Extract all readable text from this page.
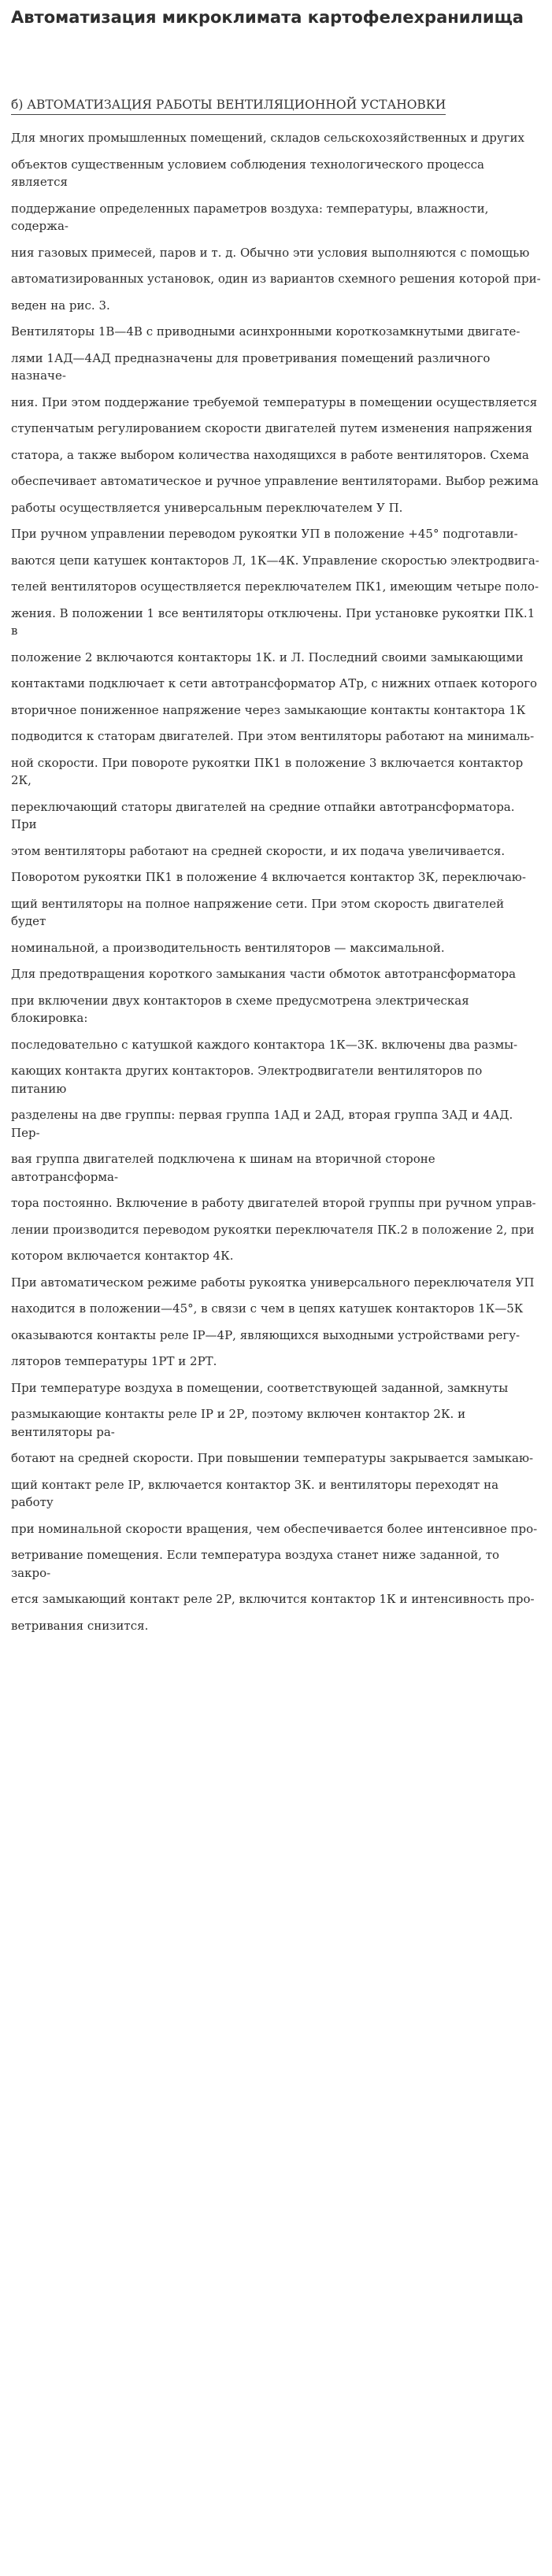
Автоматизация микроклимата картофелехранилища
б) АВТОМАТИЗАЦИЯ РАБОТЫ ВЕНТИЛЯЦИОННОЙ УСТАНОВКИ

Для многих промышленных помещений, складов сельскохозяйственных и других

объектов существенным условием соблюдения технологического процесса является

поддержание определенных параметров воздуха: температуры, влажности, содержа-

ния газовых примесей, паров и т. д. Обычно эти условия выполняются с помощью

автоматизированных установок, один из вариантов схемного решения которой при-

веден на рис. 3.

Вентиляторы 1В—4В с приводными асинхронными короткозамкнутыми двигате-

лями 1АД—4АД предназначены для проветривания помещений различного назначе-

ния. При этом поддержание требуемой температуры в помещении осуществляется

ступенчатым регулированием скорости двигателей путем изменения напряжения

статора, а также выбором количества находящихся в работе вентиляторов. Схема

обеспечивает автоматическое и ручное управление вентиляторами. Выбор режима

работы осуществляется универсальным переключателем У П.

При ручном управлении переводом рукоятки УП в положение +45° подготавли-

ваются цепи катушек контакторов Л, 1К—4К. Управление скоростью электродвига-

телей вентиляторов осуществляется переключателем ПК1, имеющим четыре поло-

жения. В положении 1 все вентиляторы отключены. При установке рукоятки ПК.1 в

положение 2 включаются контакторы 1К. и Л. Последний своими замыкающими

контактами подключает к сети автотрансформатор АТр, с нижних отпаек которого

вторичное пониженное напряжение через замыкающие контакты контактора 1К

подводится к статорам двигателей. При этом вентиляторы работают на минималь-

ной скорости. При повороте рукоятки ПК1 в положение 3 включается контактор 2К,

переключающий статоры двигателей на средние отпайки автотрансформатора. При

этом вентиляторы работают на средней скорости, и их подача увеличивается.

Поворотом рукоятки ПК1 в положение 4 включается контактор 3К, переключаю-

щий вентиляторы на полное напряжение сети. При этом скорость двигателей будет

номинальной, а производительность вентиляторов — максимальной.

Для предотвращения короткого замыкания части обмоток автотрансформатора

при включении двух контакторов в схеме предусмотрена электрическая блокировка:

последовательно с катушкой каждого контактора 1К—3К. включены два размы-

кающих контакта других контакторов. Электродвигатели вентиляторов по питанию

разделены на две группы: первая группа 1АД и 2АД, вторая группа ЗАД и 4АД. Пер-

вая группа двигателей подключена к шинам на вторичной стороне автотрансформа-

тора постоянно. Включение в работу двигателей второй группы при ручном управ-

лении производится переводом рукоятки переключателя ПК.2 в положение 2, при

котором включается контактор 4К.

При автоматическом режиме работы рукоятка универсального переключателя УП

находится в положении—45°, в связи с чем в цепях катушек контакторов 1К—5К

оказываются контакты реле IР—4Р, являющихся выходными устройствами регу-

ляторов температуры 1РТ и 2РТ.

При температуре воздуха в помещении, соответствующей заданной, замкнуты

размыкающие контакты реле IР и 2Р, поэтому включен контактор 2К. и вентиляторы ра-

ботают на средней скорости. При повышении температуры закрывается замыкаю-

щий контакт реле IР, включается контактор 3К. и вентиляторы переходят на работу

при номинальной скорости вращения, чем обеспечивается более интенсивное про-

ветривание помещения. Если температура воздуха станет ниже заданной, то закро-

ется замыкающий контакт реле 2Р, включится контактор 1К и интенсивность про-

ветривания снизится.
